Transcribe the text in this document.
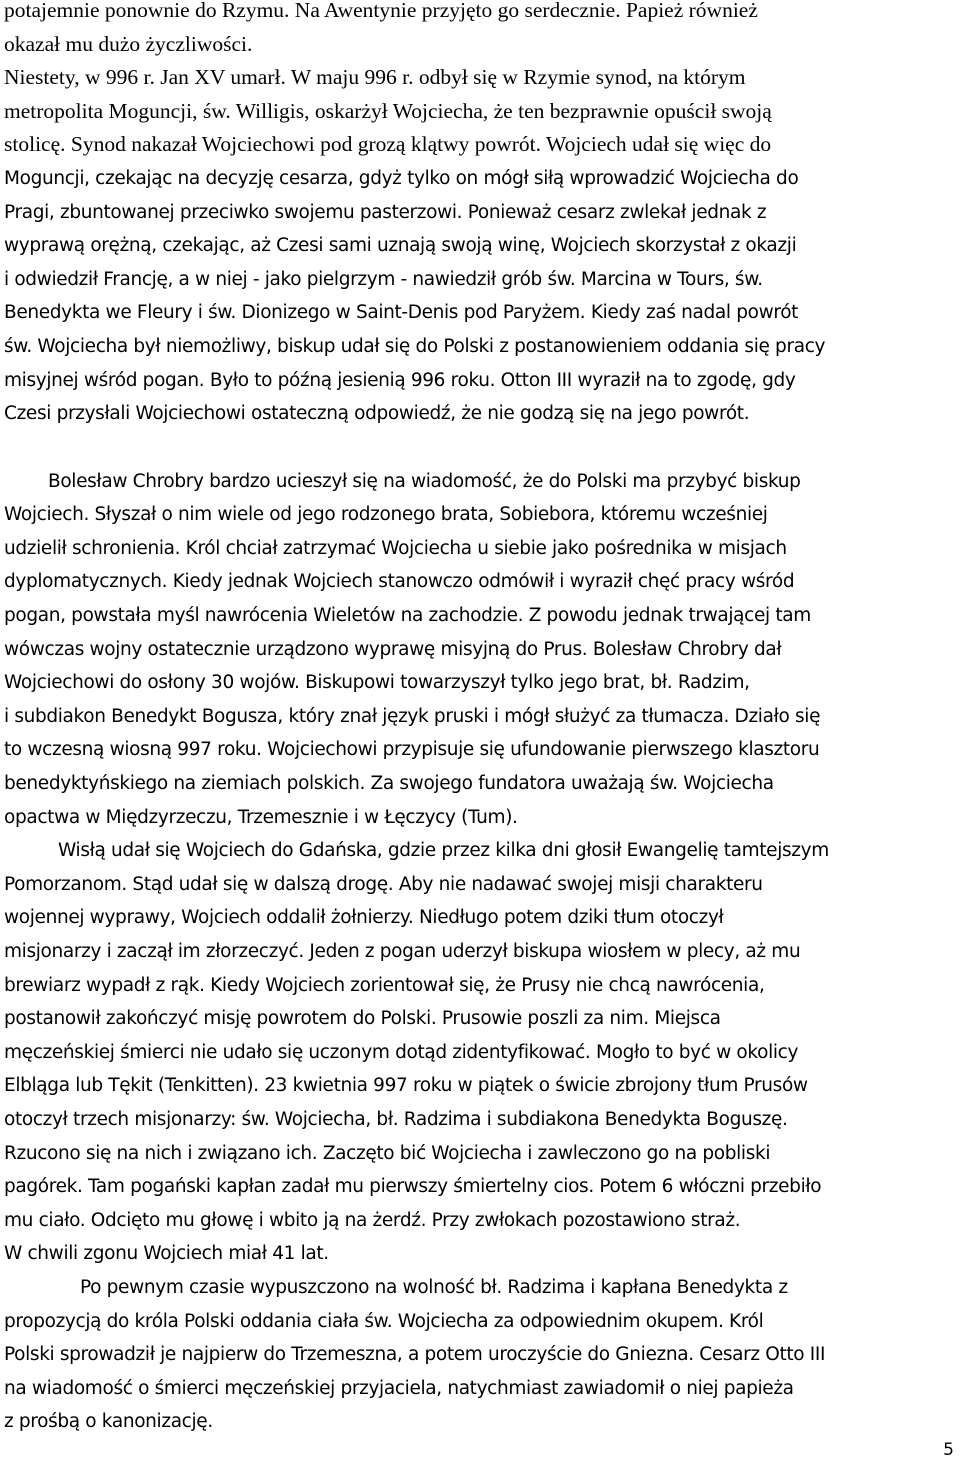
potajemnie ponownie do Rzymu. Na Awentynie przyjęto go serdecznie. Papież również
okazał mu dużo życzliwości.
Niestety, w 996 r. Jan XV umarł. W maju 996 r. odbył się w Rzymie synod, na którym
metropolita Moguncji, św. Willigis, oskarżył Wojciecha, że ten bezprawnie opuścił swoją
stolicę. Synod nakazał Wojciechowi pod grozą klątwy powrót. Wojciech udał się więc do
Moguncji, czekając na decyzję cesarza, gdyż tylko on mógł siłą wprowadzić Wojciecha do
Pragi, zbuntowanej przeciwko swojemu pasterzowi. Ponieważ cesarz zwlekał jednak z
wyprawą orężną, czekając, aż Czesi sami uznają swoją winę, Wojciech skorzystał z okazji
i odwiedził Francję, a w niej - jako pielgrzym - nawiedził grób św. Marcina w Tours, św.
Benedykta we Fleury i św. Dionizego w Saint-Denis pod Paryżem. Kiedy zaś nadal powrót
św. Wojciecha był niemożliwy, biskup udał się do Polski z postanowieniem oddania się pracy
misyjnej wśród pogan. Było to późną jesienią 996 roku. Otton III wyraził na to zgodę, gdy
Czesi przysłali Wojciechowi ostateczną odpowiedź, że nie godzą się na jego powrót.
Bolesław Chrobry bardzo ucieszył się na wiadomość, że do Polski ma przybyć biskup
Wojciech. Słyszał o nim wiele od jego rodzonego brata, Sobiebora, któremu wcześniej
udzielił schronienia. Król chciał zatrzymać Wojciecha u siebie jako pośrednika w misjach
dyplomatycznych. Kiedy jednak Wojciech stanowczo odmówił i wyraził chęć pracy wśród
pogan, powstała myśl nawrócenia Wieletów na zachodzie. Z powodu jednak trwającej tam
wówczas wojny ostatecznie urządzono wyprawę misyjną do Prus. Bolesław Chrobry dał
Wojciechowi do osłony 30 wojów. Biskupowi towarzyszył tylko jego brat, bł. Radzim,
i subdiakon Benedykt Bogusza, który znał język pruski i mógł służyć za tłumacza. Działo się
to wczesną wiosną 997 roku. Wojciechowi przypisuje się ufundowanie pierwszego klasztoru
benedyktyńskiego na ziemiach polskich. Za swojego fundatora uważają św. Wojciecha
opactwa w Międzyrzeczu, Trzemesznie i w Łęczycy (Tum).
Wisłą udał się Wojciech do Gdańska, gdzie przez kilka dni głosił Ewangelię tamtejszym
Pomorzanom. Stąd udał się w dalszą drogę. Aby nie nadawać swojej misji charakteru
wojennej wyprawy, Wojciech oddalił żołnierzy. Niedługo potem dziki tłum otoczył
misjonarzy i zaczął im złorzeczyć. Jeden z pogan uderzył biskupa wiosłem w plecy, aż mu
brewiarz wypadł z rąk. Kiedy Wojciech zorientował się, że Prusy nie chcą nawrócenia,
postanowił zakończyć misję powrotem do Polski. Prusowie poszli za nim. Miejsca
męczeńskiej śmierci nie udało się uczonym dotąd zidentyfikować. Mogło to być w okolicy
Elbląga lub Tękit (Tenkitten). 23 kwietnia 997 roku w piątek o świcie zbrojony tłum Prusów
otoczył trzech misjonarzy: św. Wojciecha, bł. Radzima i subdiakona Benedykta Boguszę.
Rzucono się na nich i związano ich. Zaczęto bić Wojciecha i zawleczono go na pobliski
pagórek. Tam pogański kapłan zadał mu pierwszy śmiertelny cios. Potem 6 włóczni przebiło
mu ciało. Odcięto mu głowę i wbito ją na żerdź. Przy zwłokach pozostawiono straż.
W chwili zgonu Wojciech miał 41 lat.
Po pewnym czasie wypuszczono na wolność bł. Radzima i kapłana Benedykta z
propozycją do króla Polski oddania ciała św. Wojciecha za odpowiednim okupem. Król
Polski sprowadził je najpierw do Trzemeszna, a potem uroczyście do Gniezna. Cesarz Otto III
na wiadomość o śmierci męczeńskiej przyjaciela, natychmiast zawiadomił o niej papieża
z prośbą o kanonizację.
5
